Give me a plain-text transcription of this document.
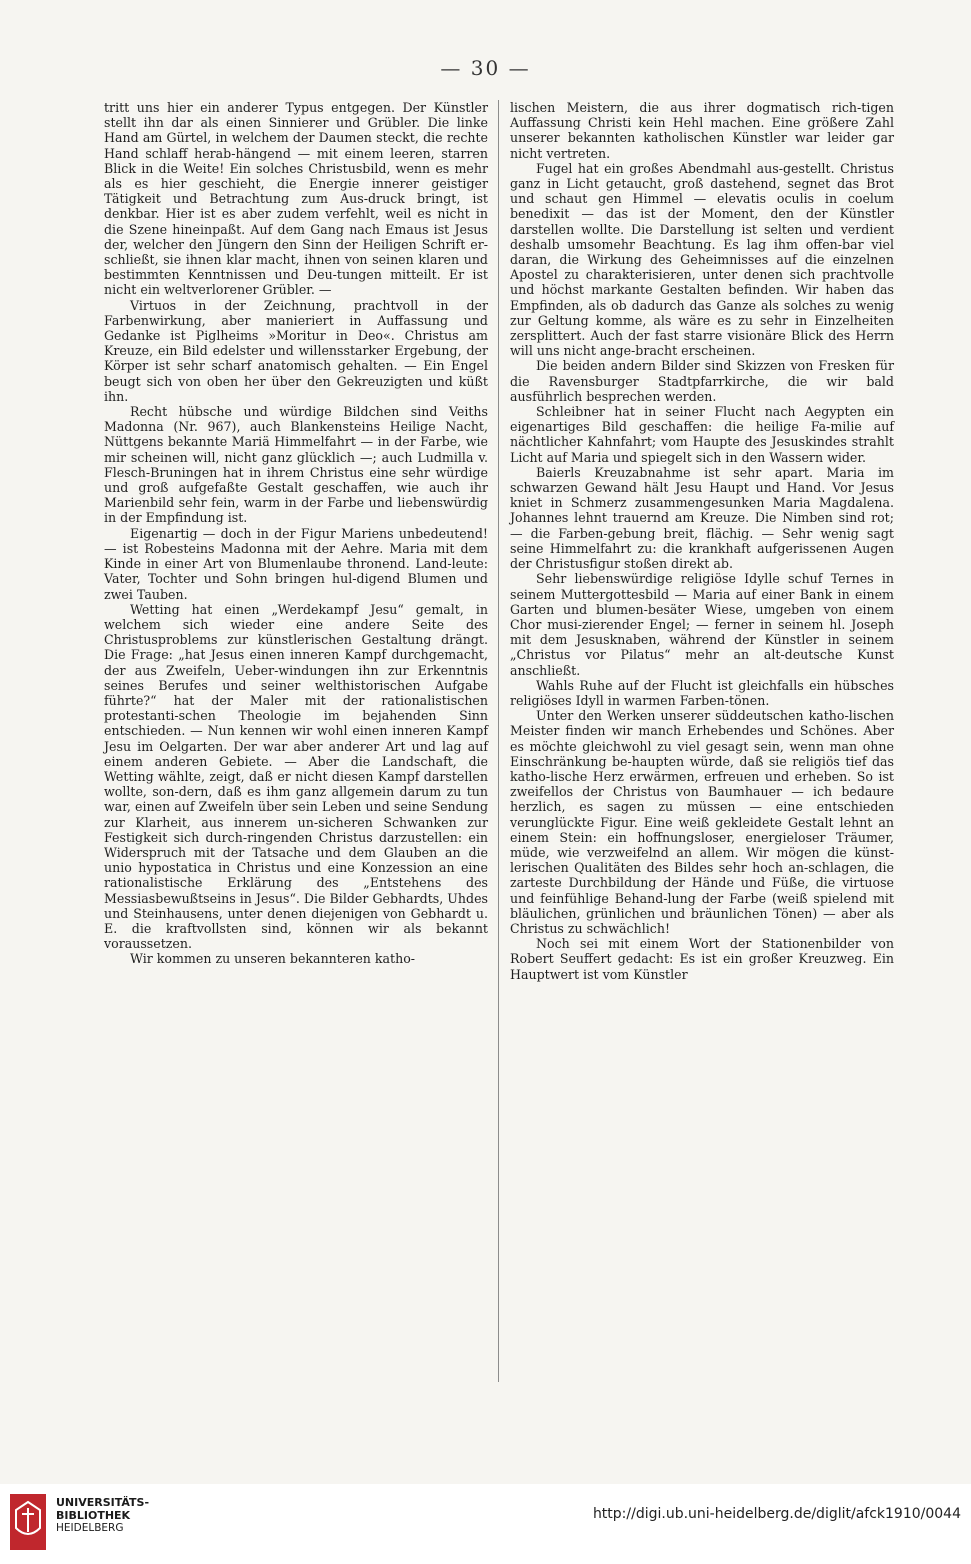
— 30 —

tritt uns hier ein anderer Typus entgegen. Der Künstler stellt ihn dar als einen Sinnierer und Grübler. Die linke Hand am Gürtel, in welchem der Daumen steckt, die rechte Hand schlaff herab-hängend — mit einem leeren, starren Blick in die Weite! Ein solches Christusbild, wenn es mehr als es hier geschieht, die Energie innerer geistiger Tätigkeit und Betrachtung zum Aus-druck bringt, ist denkbar. Hier ist es aber zudem verfehlt, weil es nicht in die Szene hineinpaßt. Auf dem Gang nach Emaus ist Jesus der, welcher den Jüngern den Sinn der Heiligen Schrift er-schließt, sie ihnen klar macht, ihnen von seinen klaren und bestimmten Kenntnissen und Deu-tungen mitteilt. Er ist nicht ein weltverlorener Grübler. —

Virtuos in der Zeichnung, prachtvoll in der Farbenwirkung, aber manieriert in Auffassung und Gedanke ist Piglheims »Moritur in Deo«. Christus am Kreuze, ein Bild edelster und willensstarker Ergebung, der Körper ist sehr scharf anatomisch gehalten. — Ein Engel beugt sich von oben her über den Gekreuzigten und küßt ihn.

Recht hübsche und würdige Bildchen sind Veiths Madonna (Nr. 967), auch Blankensteins Heilige Nacht, Nüttgens bekannte Mariä Himmelfahrt — in der Farbe, wie mir scheinen will, nicht ganz glücklich —; auch Ludmilla v. Flesch-Bruningen hat in ihrem Christus eine sehr würdige und groß aufgefaßte Gestalt geschaffen, wie auch ihr Marienbild sehr fein, warm in der Farbe und liebenswürdig in der Empfindung ist.

Eigenartig — doch in der Figur Mariens unbedeutend! — ist Robesteins Madonna mit der Aehre. Maria mit dem Kinde in einer Art von Blumenlaube thronend. Land-leute: Vater, Tochter und Sohn bringen hul-digend Blumen und zwei Tauben.

Wetting hat einen „Werdekampf Jesu“ gemalt, in welchem sich wieder eine andere Seite des Christusproblems zur künstlerischen Gestaltung drängt. Die Frage: „hat Jesus einen inneren Kampf durchgemacht, der aus Zweifeln, Ueber-windungen ihn zur Erkenntnis seines Berufes und seiner welthistorischen Aufgabe führte?“ hat der Maler mit der rationalistischen protestanti-schen Theologie im bejahenden Sinn entschieden. — Nun kennen wir wohl einen inneren Kampf Jesu im Oelgarten. Der war aber anderer Art und lag auf einem anderen Gebiete. — Aber die Landschaft, die Wetting wählte, zeigt, daß er nicht diesen Kampf darstellen wollte, son-dern, daß es ihm ganz allgemein darum zu tun war, einen auf Zweifeln über sein Leben und seine Sendung zur Klarheit, aus innerem un-sicheren Schwanken zur Festigkeit sich durch-ringenden Christus darzustellen: ein Widerspruch mit der Tatsache und dem Glauben an die unio hypostatica in Christus und eine Konzession an eine rationalistische Erklärung des „Entstehens des Messiasbewußtseins in Jesus“. Die Bilder Gebhardts, Uhdes und Steinhausens, unter denen diejenigen von Gebhardt u. E. die kraftvollsten sind, können wir als bekannt voraussetzen.

Wir kommen zu unseren bekannteren katho-

lischen Meistern, die aus ihrer dogmatisch rich-tigen Auffassung Christi kein Hehl machen. Eine größere Zahl unserer bekannten katholischen Künstler war leider gar nicht vertreten.

Fugel hat ein großes Abendmahl aus-gestellt. Christus ganz in Licht getaucht, groß dastehend, segnet das Brot und schaut gen Himmel — elevatis oculis in coelum benedixit — das ist der Moment, den der Künstler darstellen wollte. Die Darstellung ist selten und verdient deshalb umsomehr Beachtung. Es lag ihm offen-bar viel daran, die Wirkung des Geheimnisses auf die einzelnen Apostel zu charakterisieren, unter denen sich prachtvolle und höchst markante Gestalten befinden. Wir haben das Empfinden, als ob dadurch das Ganze als solches zu wenig zur Geltung komme, als wäre es zu sehr in Einzelheiten zersplittert. Auch der fast starre visionäre Blick des Herrn will uns nicht ange-bracht erscheinen.

Die beiden andern Bilder sind Skizzen von Fresken für die Ravensburger Stadtpfarrkirche, die wir bald ausführlich besprechen werden.

Schleibner hat in seiner Flucht nach Aegypten ein eigenartiges Bild geschaffen: die heilige Fa-milie auf nächtlicher Kahnfahrt; vom Haupte des Jesuskindes strahlt Licht auf Maria und spiegelt sich in den Wassern wider.

Baierls Kreuzabnahme ist sehr apart. Maria im schwarzen Gewand hält Jesu Haupt und Hand. Vor Jesus kniet in Schmerz zusammengesunken Maria Magdalena. Johannes lehnt trauernd am Kreuze. Die Nimben sind rot; — die Farben-gebung breit, flächig. — Sehr wenig sagt seine Himmelfahrt zu: die krankhaft aufgerissenen Augen der Christusfigur stoßen direkt ab.

Sehr liebenswürdige religiöse Idylle schuf Ternes in seinem Muttergottesbild — Maria auf einer Bank in einem Garten und blumen-besäter Wiese, umgeben von einem Chor musi-zierender Engel; — ferner in seinem hl. Joseph mit dem Jesusknaben, während der Künstler in seinem „Christus vor Pilatus“ mehr an alt-deutsche Kunst anschließt.

Wahls Ruhe auf der Flucht ist gleichfalls ein hübsches religiöses Idyll in warmen Farben-tönen.

Unter den Werken unserer süddeutschen katho-lischen Meister finden wir manch Erhebendes und Schönes. Aber es möchte gleichwohl zu viel gesagt sein, wenn man ohne Einschränkung be-haupten würde, daß sie religiös tief das katho-lische Herz erwärmen, erfreuen und erheben. So ist zweifellos der Christus von Baumhauer — ich bedaure herzlich, es sagen zu müssen — eine entschieden verunglückte Figur. Eine weiß gekleidete Gestalt lehnt an einem Stein: ein hoffnungsloser, energieloser Träumer, müde, wie verzweifelnd an allem. Wir mögen die künst-lerischen Qualitäten des Bildes sehr hoch an-schlagen, die zarteste Durchbildung der Hände und Füße, die virtuose und feinfühlige Behand-lung der Farbe (weiß spielend mit bläulichen, grünlichen und bräunlichen Tönen) — aber als Christus zu schwächlich!

Noch sei mit einem Wort der Stationenbilder von Robert Seuffert gedacht: Es ist ein großer Kreuzweg. Ein Hauptwert ist vom Künstler

UNIVERSITÄTS-
BIBLIOTHEK
HEIDELBERG
http://digi.ub.uni-heidelberg.de/diglit/afck1910/0044
